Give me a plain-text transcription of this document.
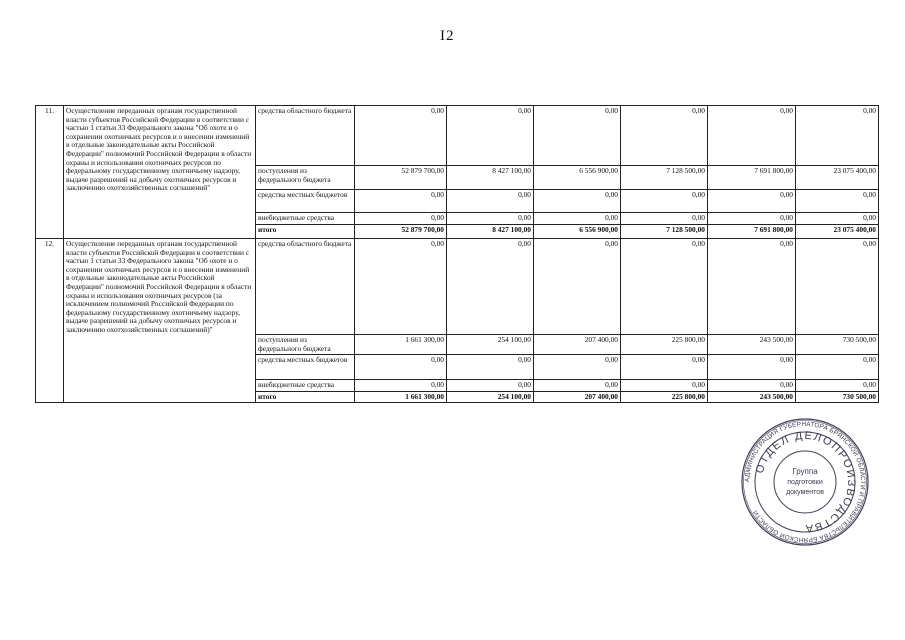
I2
11.	Осуществление переданных органам государственной власти субъектов Российской Федерации в соответствии с частью 1 статьи 33 Федерального закона "Об охоте и о сохранении охотничьих ресурсов и о внесении изменений в отдельные законодательные акты Российской Федерации" полномочий Российской Федерации в области охраны и использования охотничьих ресурсов по федеральному государственному охотничьему надзору, выдаче разрешений на добычу охотничьих ресурсов и заключению охотхозяйственных соглашений"	средства областного бюджета	0,00	0,00	0,00	0,00	0,00	0,00
		поступления из федерального бюджета	52 879 700,00	8 427 100,00	6 556 900,00	7 128 500,00	7 691 800,00	23 075 400,00
		средства местных бюджетов	0,00	0,00	0,00	0,00	0,00	0,00
		внебюджетные средства	0,00	0,00	0,00	0,00	0,00	0,00
		итого	52 879 700,00	8 427 100,00	6 556 900,00	7 128 500,00	7 691 800,00	23 075 400,00
12.	Осуществление переданных органам государственной власти субъектов Российской Федерации в соответствии с частью 1 статьи 33 Федерального закона "Об охоте и о сохранении охотничьих ресурсов и о внесении изменений в отдельные законодательные акты Российской Федерации" полномочий Российской Федерации в области охраны и использования охотничьих ресурсов (за исключением полномочий Российской Федерации по федеральному государственному охотничьему надзору, выдаче разрешений на добычу охотничьих ресурсов и заключению охотхозяйственных соглашений)"	средства областного бюджета	0,00	0,00	0,00	0,00	0,00	0,00
		поступления из федерального бюджета	1 661 300,00	254 100,00	207 400,00	225 800,00	243 500,00	730 500,00
		средства местных бюджетов	0,00	0,00	0,00	0,00	0,00	0,00
		внебюджетные средства	0,00	0,00	0,00	0,00	0,00	0,00
		итого	1 661 300,00	254 100,00	207 400,00	225 800,00	243 500,00	730 500,00
АДМИНИСТРАЦИЯ ГУБЕРНАТОРА БРЯНСКОЙ ОБЛАСТИ И ПРАВИТЕЛЬСТВА БРЯНСКОЙ ОБЛАСТИ
ОТДЕЛ ДЕЛОПРОИЗВОДСТВА
Группа
подготовки
документов
